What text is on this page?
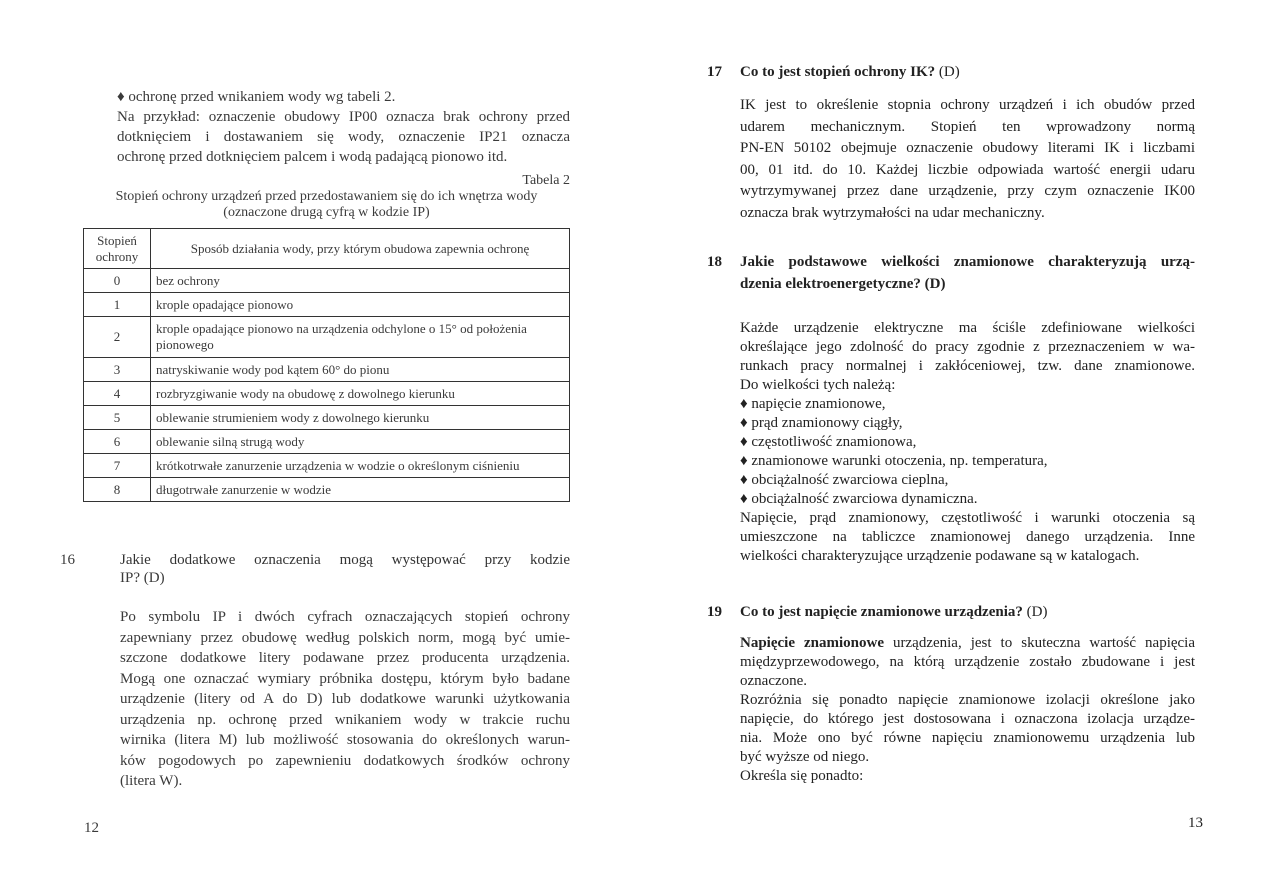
♦ ochronę przed wnikaniem wody wg tabeli 2.
Na przykład: oznaczenie obudowy IP00 oznacza brak ochrony przed
dotknięciem i dostawaniem się wody, oznaczenie IP21 oznacza
ochronę przed dotknięciem palcem i wodą padającą pionowo itd.
Tabela 2
Stopień ochrony urządzeń przed przedostawaniem się do ich wnętrza wody
(oznaczone drugą cyfrą w kodzie IP)
Stopień ochrony	Sposób działania wody, przy którym obudowa zapewnia ochronę
0	bez ochrony
1	krople opadające pionowo
2	krople opadające pionowo na urządzenia odchylone o 15° od położenia pionowego
3	natryskiwanie wody pod kątem 60° do pionu
4	rozbryzgiwanie wody na obudowę z dowolnego kierunku
5	oblewanie strumieniem wody z dowolnego kierunku
6	oblewanie silną strugą wody
7	krótkotrwałe zanurzenie urządzenia w wodzie o określonym ciśnieniu
8	długotrwałe zanurzenie w wodzie
16	Jakie dodatkowe oznaczenia mogą występować przy kodzie
IP? (D)
Po symbolu IP i dwóch cyfrach oznaczających stopień ochrony
zapewniany przez obudowę według polskich norm, mogą być umie-
szczone dodatkowe litery podawane przez producenta urządzenia.
Mogą one oznaczać wymiary próbnika dostępu, którym było badane
urządzenie (litery od A do D) lub dodatkowe warunki użytkowania
urządzenia np. ochronę przed wnikaniem wody w trakcie ruchu
wirnika (litera M) lub możliwość stosowania do określonych warun-
ków pogodowych po zapewnieniu dodatkowych środków ochrony
(litera W).
12
17 Co to jest stopień ochrony IK? (D)
IK jest to określenie stopnia ochrony urządzeń i ich obudów przed
udarem mechanicznym. Stopień ten wprowadzony normą
PN-EN 50102 obejmuje oznaczenie obudowy literami IK i liczbami
00, 01 itd. do 10. Każdej liczbie odpowiada wartość energii udaru
wytrzymywanej przez dane urządzenie, przy czym oznaczenie IK00
oznacza brak wytrzymałości na udar mechaniczny.
18 Jakie podstawowe wielkości znamionowe charakteryzują urzą-
dzenia elektroenergetyczne? (D)
Każde urządzenie elektryczne ma ściśle zdefiniowane wielkości
określające jego zdolność do pracy zgodnie z przeznaczeniem w wa-
runkach pracy normalnej i zakłóceniowej, tzw. dane znamionowe.
Do wielkości tych należą:
♦ napięcie znamionowe,
♦ prąd znamionowy ciągły,
♦ częstotliwość znamionowa,
♦ znamionowe warunki otoczenia, np. temperatura,
♦ obciążalność zwarciowa cieplna,
♦ obciążalność zwarciowa dynamiczna.
Napięcie, prąd znamionowy, częstotliwość i warunki otoczenia są
umieszczone na tabliczce znamionowej danego urządzenia. Inne
wielkości charakteryzujące urządzenie podawane są w katalogach.
19 Co to jest napięcie znamionowe urządzenia? (D)
Napięcie znamionowe urządzenia, jest to skuteczna wartość napięcia
międzyprzewodowego, na którą urządzenie zostało zbudowane i jest
oznaczone.
Rozróżnia się ponadto napięcie znamionowe izolacji określone jako
napięcie, do którego jest dostosowana i oznaczona izolacja urządze-
nia. Może ono być równe napięciu znamionowemu urządzenia lub
być wyższe od niego.
Określa się ponadto:
13
